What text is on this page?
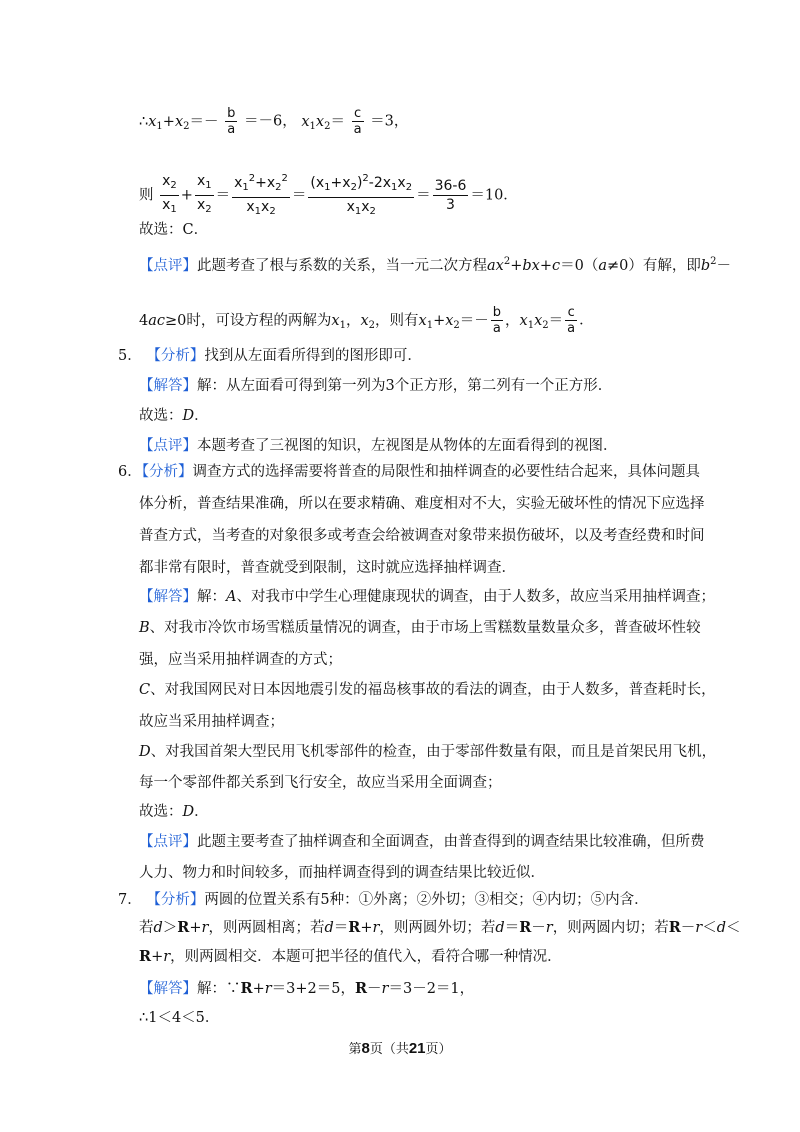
$\therefore x_1+x_2=- \frac{b}{a} =-6$， $x_1x_2= \frac{c}{a} =3$，
则 $\frac{x_2}{x_1} + \frac{x_1}{x_2} = \frac{x_1^2+x_2^2}{x_1x_2} = \frac{(x_1+x_2)^2-2x_1x_2}{x_1x_2} = \frac{36-6}{3} =10$．
故选：C．
【点评】此题考查了根与系数的关系，当一元二次方程$ax^2+bx+c=0(a\ne 0)$有解，即$b^2-$
4ac≥0时，可设方程的两解为$x_1$，$x_2$，则有$x_1+x_2=- \frac{b}{a}$ ，$x_1x_2= \frac{c}{a}$ ．
5． 【分析】找到从左面看所得到的图形即可．
【解答】解：从左面看可得到第一列为3个正方形，第二列有一个正方形．
故选：D．
【点评】本题考查了三视图的知识，左视图是从物体的左面看得到的视图．
6．【分析】调查方式的选择需要将普查的局限性和抽样调查的必要性结合起来，具体问题具
体分析，普查结果准确，所以在要求精确、难度相对不大，实验无破坏性的情况下应选择
普查方式，当考查的对象很多或考查会给被调查对象带来损伤破坏，以及考查经费和时间
都非常有限时，普查就受到限制，这时就应选择抽样调查．
【解答】解：A、对我市中学生心理健康现状的调查，由于人数多，故应当采用抽样调查；
B、对我市冷饮市场雪糕质量情况的调查，由于市场上雪糕数量数量众多，普查破坏性较
强，应当采用抽样调查的方式；
C、对我国网民对日本因地震引发的福岛核事故的看法的调查，由于人数多，普查耗时长，
故应当采用抽样调查；
D、对我国首架大型民用飞机零部件的检查，由于零部件数量有限，而且是首架民用飞机，
每一个零部件都关系到飞行安全，故应当采用全面调查；
故选：D．
【点评】此题主要考查了抽样调查和全面调查，由普查得到的调查结果比较准确，但所费
人力、物力和时间较多，而抽样调查得到的调查结果比较近似．
7． 【分析】两圆的位置关系有5种：①外离；②外切；③相交；④内切；⑤内含．
若d＞R+r，则两圆相离；若d＝R+r，则两圆外切；若d＝R－r，则两圆内切；若R－r＜d＜
R+r，则两圆相交．本题可把半径的值代入，看符合哪一种情况．
【解答】解：∵R+r＝3+2＝5，R－r＝3－2＝1，
∴1＜4＜5．
第8页（共21页）
